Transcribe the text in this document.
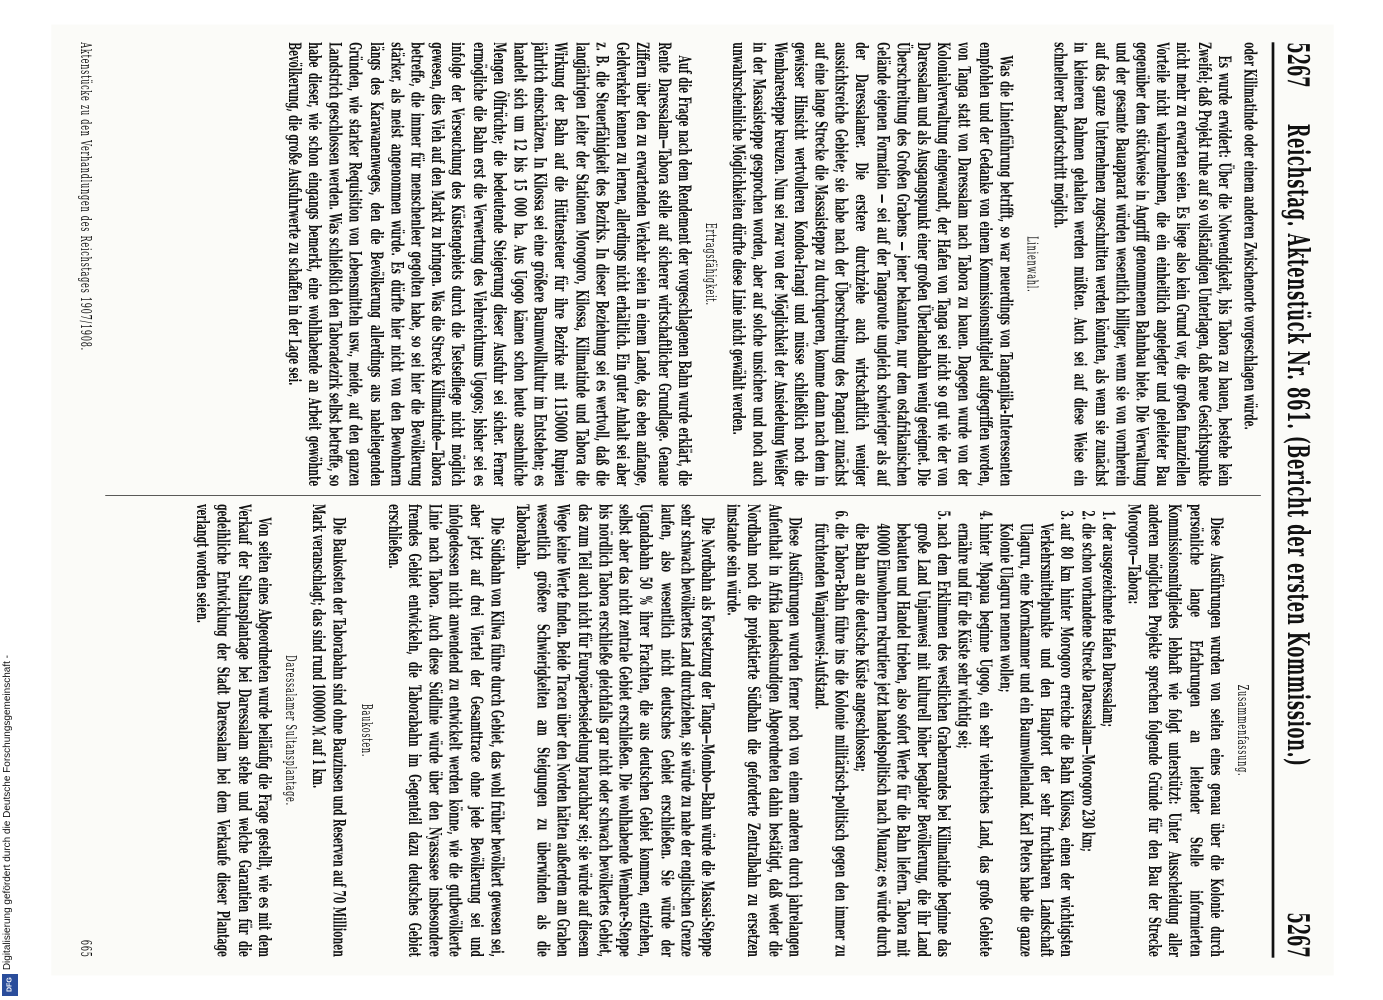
Digitalisierung gefördert durch die Deutsche Forschungsgemeinschaft -
DFG
5267
Reichstag. Aktenstück Nr. 861. (Bericht der ersten Kommission.)
5267

oder Kilimatinde oder einem anderen Zwischenorte vorgeschlagen würde.

Es wurde erwidert: Über die Notwendigkeit, bis Tabora zu bauen, bestehe kein Zweifel; daß Projekt ruhe auf so vollständigen Unterlagen, daß neue Gesichtspunkte nicht mehr zu erwarten seien. Es liege also kein Grund vor, die großen finanziellen Vorteile nicht wahrzunehmen, die ein einheitlich angelegter und geleiteter Bau gegenüber dem stückweise in Angriff genommenen Bahnbau biete. Die Verwaltung und der gesamte Bauapparat würden wesentlich billiger, wenn sie von vornherein auf das ganze Unternehmen zugeschnitten werden könnten, als wenn sie zunächst in kleineren Rahmen gehalten werden müßten. Auch sei auf diese Weise ein schnellerer Baufortschritt möglich.

Linienwahl.

Was die Linienführung betrifft, so war neuerdings von Tanganjika-Interessenten empfohlen und der Gedanke von einem Kommissionsmitglied aufgegriffen worden, von Tanga statt von Daressalam nach Tabora zu bauen. Dagegen wurde von der Kolonialverwaltung eingewandt, der Hafen von Tanga sei nicht so gut wie der von Daressalam und als Ausgangspunkt einer großen Überlandbahn wenig geeignet. Die Überschreitung des Großen Grabens — jener bekannten, nur dem ostafrikanischen Gelände eigenen Formation — sei auf der Tangaroute ungleich schwieriger als auf der Daressalamer. Die erstere durchziehe auch wirtschaftlich weniger aussichtsreiche Gebiete; sie habe nach der Überschreitung des Pangani zunächst auf eine lange Strecke die Massaisteppe zu durchqueren, komme dann nach dem in gewisser Hinsicht wertvolleren Kondoa-Irangi und müsse schließlich noch die Wembaresteppe kreuzen. Nun sei zwar von der Möglichkeit der Ansiedelung Weißer in der Massaisteppe gesprochen worden, aber auf solche unsichere und noch auch unwahrscheinliche Möglichkeiten dürfte diese Linie nicht gewählt werden.

Ertragsfähigkeit.

Auf die Frage nach dem Rendement der vorgeschlagenen Bahn wurde erklärt, die Rente Daressalam—Tabora stelle auf sicherer wirtschaftlicher Grundlage. Genaue Ziffern über den zu erwartenden Verkehr seien in einem Lande, das eben anfange, Geldverkehr kennen zu lernen, allerdings nicht erhältlich. Ein guter Anhalt sei aber z. B. die Steuerfähigkeit des Bezirks. In dieser Beziehung sei es wertvoll, daß die langjährigen Leiter der Stationen Morogoro, Kilossa, Kilimatinde und Tabora die Wirkung der Bahn auf die Hüttensteuer für ihre Bezirke mit 1150000 Rupien jährlich einschätzen. In Kilossa sei eine größere Baumwollkultur im Entstehen; es handelt sich um 12 bis 15 000 ha. Aus Ugogo kämen schon heute ansehnliche Mengen Ölfrüchte; die bedeutende Steigerung dieser Ausfuhr sei sicher. Ferner ermögliche die Bahn erst die Verwertung des Viehreichtums Ugogos; bisher sei es infolge der Verseuchung des Küstengebiets durch die Tsetsefliege nicht möglich gewesen, dies Vieh auf den Markt zu bringen. Was die Strecke Kilimatinde—Tabora betreffe, die immer für menschenleer gegolten habe, so sei hier die Bevölkerung stärker, als meist angenommen würde. Es dürfte hier nicht von den Bewohnern längs des Karawanenweges, den die Bevölkerung allerdings aus naheliegenden Gründen, wie starker Requisition von Lebensmitteln usw., meide, auf den ganzen Landstrich geschlossen werden. Was schließlich den Taboradezirk selbst betreffe, so habe dieser, wie schon eingangs bemerkt, eine wohlhabende an Arbeit gewöhnte Bevölkerung, die große Ausfuhrwerte zu schaffen in der Lage sei.

Zusammenfassung.

Diese Ausführungen wurden von seiten eines genau über die Kolonie durch persönliche lange Erfahrungen an leitender Stelle informierten Kommissionsmitgliedes lebhaft wie folgt unterstützt: Unter Ausscheidung aller anderen möglichen Projekte sprechen folgende Gründe für den Bau der Strecke Morogoro—Tabora:

1. der ausgezeichnete Hafen Daressalam;
2. die schon vorhandene Strecke Daressalam—Morogoro 230 km;
3. auf 80 km hinter Morogoro erreiche die Bahn Kilossa, einen der wichtigsten Verkehrsmittelpunkte und den Hauptort der sehr fruchtbaren Landschaft Ulaguru, eine Kornkammer und ein Baumwollenland. Karl Peters habe die ganze Kolonie Ulaguru nennen wollen;
4. hinter Mpapua beginne Ugogo, ein sehr viehreiches Land, das große Gebiete ernähre und für die Küste sehr wichtig sei;
5. nach dem Erklimmen des westlichen Grabenrandes bei Kilimatinde beginne das große Land Unjamwesi mit kulturell höher begabter Bevölkerung, die ihr Land bebauten und Handel trieben, also sofort Werte für die Bahn liefern. Tabora mit 40000 Einwohnern rekrutiere jetzt handelspolitisch nach Muanza; es würde durch die Bahn an die deutsche Küste angeschlossen;
6. die Tabora-Bahn führe ins die Kolonie militärisch-politisch gegen den immer zu fürchtenden Wanjamwesi-Aufstand.

Diese Ausführungen wurden ferner noch von einem anderen durch jahrelangen Aufenthalt in Afrika landeskundigen Abgeordneten dahin bestätigt, daß weder die Nordbahn noch die projektierte Südbahn die geforderte Zentralbahn zu ersetzen imstande sein würde.

Die Nordbahn als Fortsetzung der Tanga—Mombo—Bahn würde die Massai-Steppe sehr schwach bevölkertes Land durchziehen, sie würde zu nahe der englischen Grenze laufen, also wesentlich nicht deutsches Gebiet erschließen. Sie würde der Ugandabahn 50 % ihrer Frachten, die aus deutschen Gebiet kommen, entziehen, selbst aber das nicht zentrale Gebiet erschließen. Die wohlhabende Wembare-Steppe bis nördlich Tabora erschließe gleichfalls gar nicht oder schwach bevölkertes Gebiet, das zum Teil auch nicht für Europäerbesiedelung brauchbar sei; sie würde auf diesem Wege keine Werte finden. Beide Tracen über den Norden hätten außerdem am Graben wesentlich größere Schwierigkeiten am Steigungen zu überwinden als die Taborabahn.

Die Südbahn von Kilwa führe durch Gebiet, das wohl früher bevölkert gewesen sei, aber jetzt auf drei Viertel der Gesamttrace ohne jede Bevölkerung sei und infolgedessen nicht anwendend zu entwickelt werden könne, wie die gutbevölkerte Linie nach Tabora. Auch diese Südlinie würde über den Nyassasee insbesondere fremdes Gebiet entwickeln, die Taborabahn im Gegenteil dazu deutsches Gebiet erschließen.

Baukosten.

Die Baukosten der Taborabahn sind ohne Bauzinsen und Reserven auf 70 Millionen Mark veranschlagt; das sind rund 100000 ℳ auf 1 km.

Daressalamer Sultansplantage.

Von seiten eines Abgeordneten wurde beiläufig die Frage gestellt, wie es mit dem Verkauf der Sultansplantage bei Daressalam stehe und welche Garantien für die gedeihliche Entwicklung der Stadt Daressalam bei dem Verkaufe dieser Plantage verlangt worden seien.

Aktenstücke zu den Verhandlungen des Reichstages 1907/1908.
665
